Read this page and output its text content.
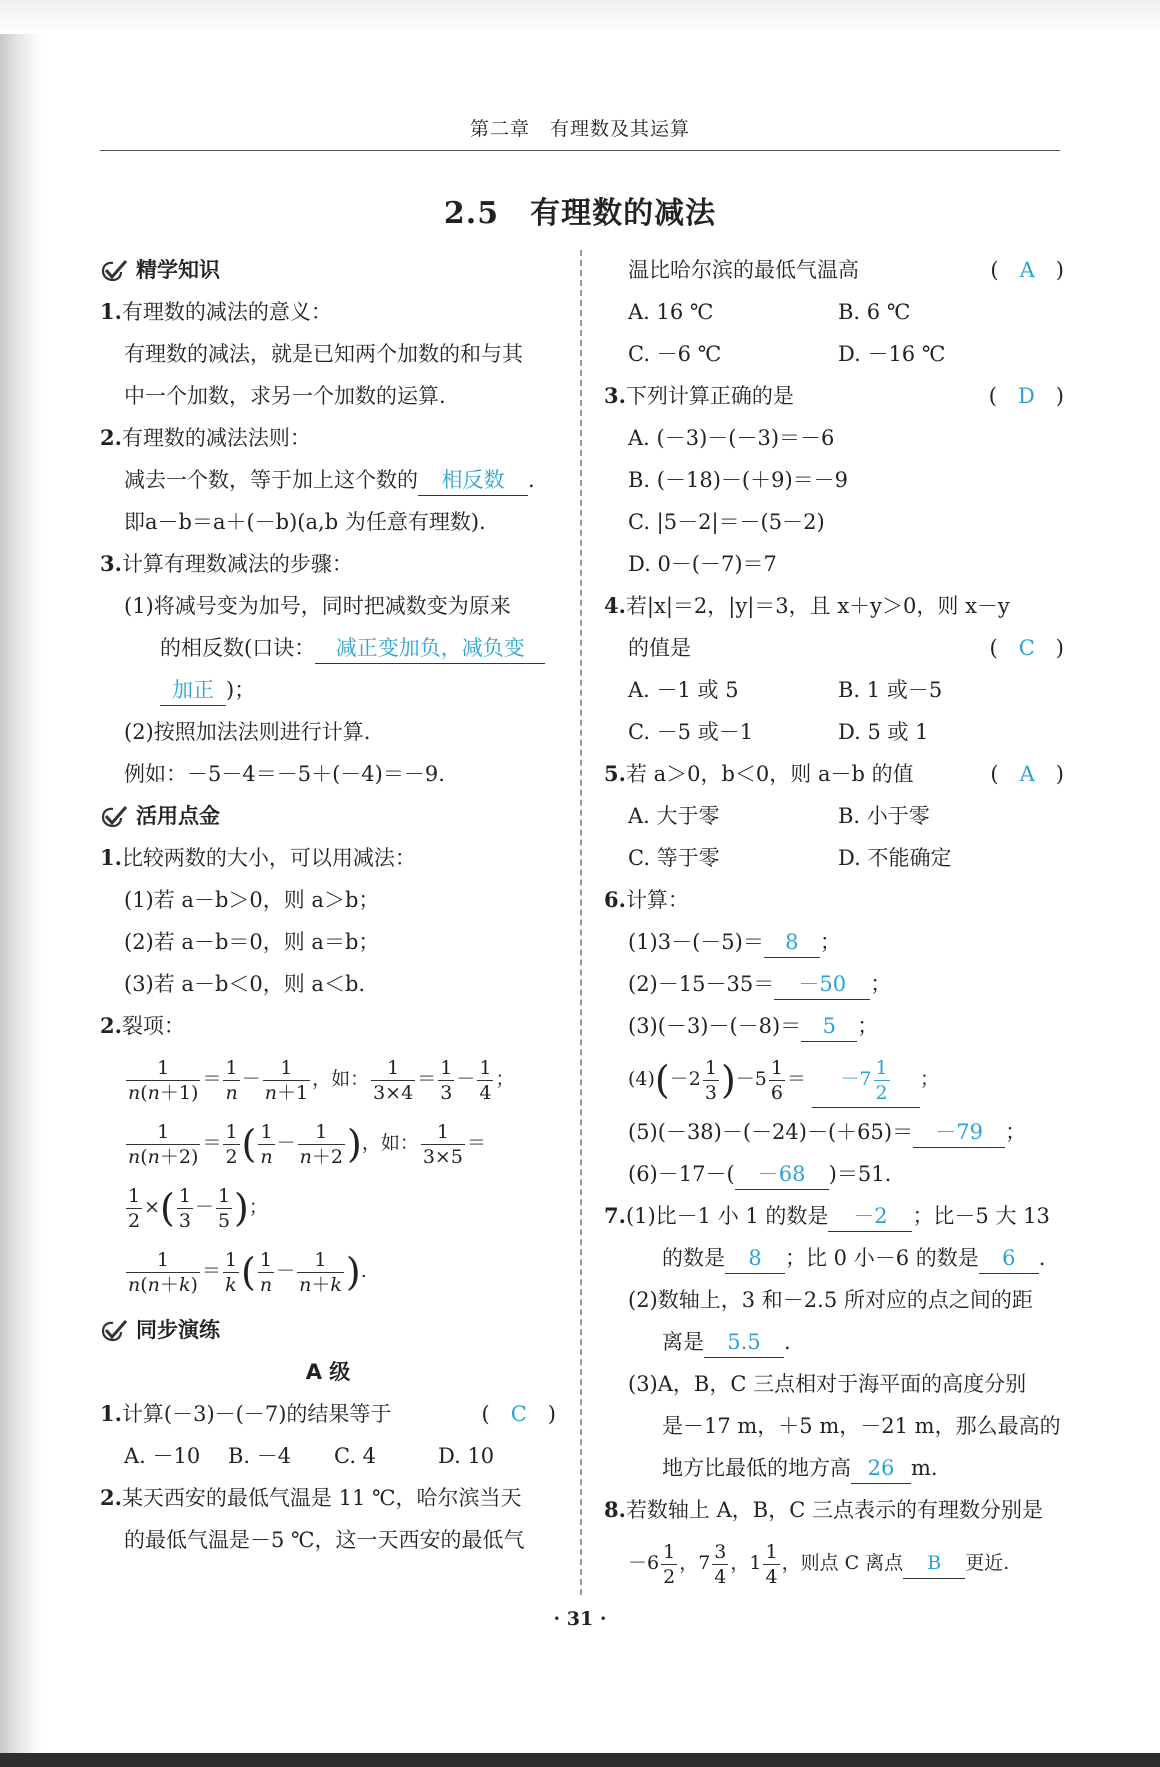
第二章　有理数及其运算
2.5　有理数的减法
精学知识
1.有理数的减法的意义：
有理数的减法，就是已知两个加数的和与其
中一个加数，求另一个加数的运算.
2.有理数的减法法则：
减去一个数，等于加上这个数的 相反数 .
即a－b＝a＋(－b)(a,b 为任意有理数).
3.计算有理数减法的步骤：
(1)将减号变为加号，同时把减数变为原来
的相反数(口诀： 减正变加负，减负变
加正 )；
(2)按照加法法则进行计算.
例如：－5－4＝－5＋(－4)＝－9.
活用点金
1.比较两数的大小，可以用减法：
(1)若 a－b＞0，则 a＞b；
(2)若 a－b＝0，则 a＝b；
(3)若 a－b＜0，则 a＜b.
2.裂项：
$\frac{1}{n(n+1)} = \frac{1}{n} - \frac{1}{n+1}$ ，如： $\frac{1}{3\times 4} = \frac{1}{3} - \frac{1}{4}$ ；
$\frac{1}{n(n+2)} = \frac{1}{2}$ ( $\frac{1}{n} - \frac{1}{n+2}$ )，如： $\frac{1}{3\times 5}$ ＝
$\frac{1}{2}$ ×( $\frac{1}{3} - \frac{1}{5}$ )；
$\frac{1}{n(n+k)} = \frac{1}{k}$ ( $\frac{1}{n} - \frac{1}{n+k}$ ).
同步演练
A 级
1.计算(－3)－(－7)的结果等于	(　C　)
A. －10 B. －4 C. 4	D. 10
2.某天西安的最低气温是 11 ℃，哈尔滨当天
的最低气温是－5 ℃，这一天西安的最低气
温比哈尔滨的最低气温高	(　A　)
A. 16 ℃	B. 6 ℃
C. －6 ℃	D. －16 ℃
3.下列计算正确的是	(　D　)
A. (－3)－(－3)＝－6
B. (－18)－(＋9)＝－9
C. |5－2|＝－(5－2)
D. 0－(－7)＝7
4.若|x|＝2，|y|＝3，且 x＋y＞0，则 x－y
的值是	(　C　)
A. －1 或 5	B. 1 或－5
C. －5 或－1	D. 5 或 1
5.若 a＞0，b＜0，则 a－b 的值	(　A　)
A. 大于零	B. 小于零
C. 等于零	D. 不能确定
6.计算：
(1)3－(－5)＝ 8 ；
(2)－15－35＝ －50 ；
(3)(－3)－(－8)＝ 5 ；
$(4)(-2 \frac{1}{3} )-5 \frac{1}{6} = -7 \frac{1}{2}$ ；
(5)(－38)－(－24)－(＋65)＝ －79 ；
(6)－17－( －68 )＝51.
7.(1)比－1 小 1 的数是 －2 ；比－5 大 13
的数是 8 ；比 0 小－6 的数是 6 .
(2)数轴上，3 和－2.5 所对应的点之间的距
离是 5.5 .
(3)A，B，C 三点相对于海平面的高度分别
是－17 m，＋5 m，－21 m，那么最高的
地方比最低的地方高 26 m.
8.若数轴上 A，B，C 三点表示的有理数分别是
$-6 \frac{1}{2}$ ，$7 \frac{3}{4}$ ，$1 \frac{1}{4}$ ，则点 C 离点 B 更近.
· 31 ·
